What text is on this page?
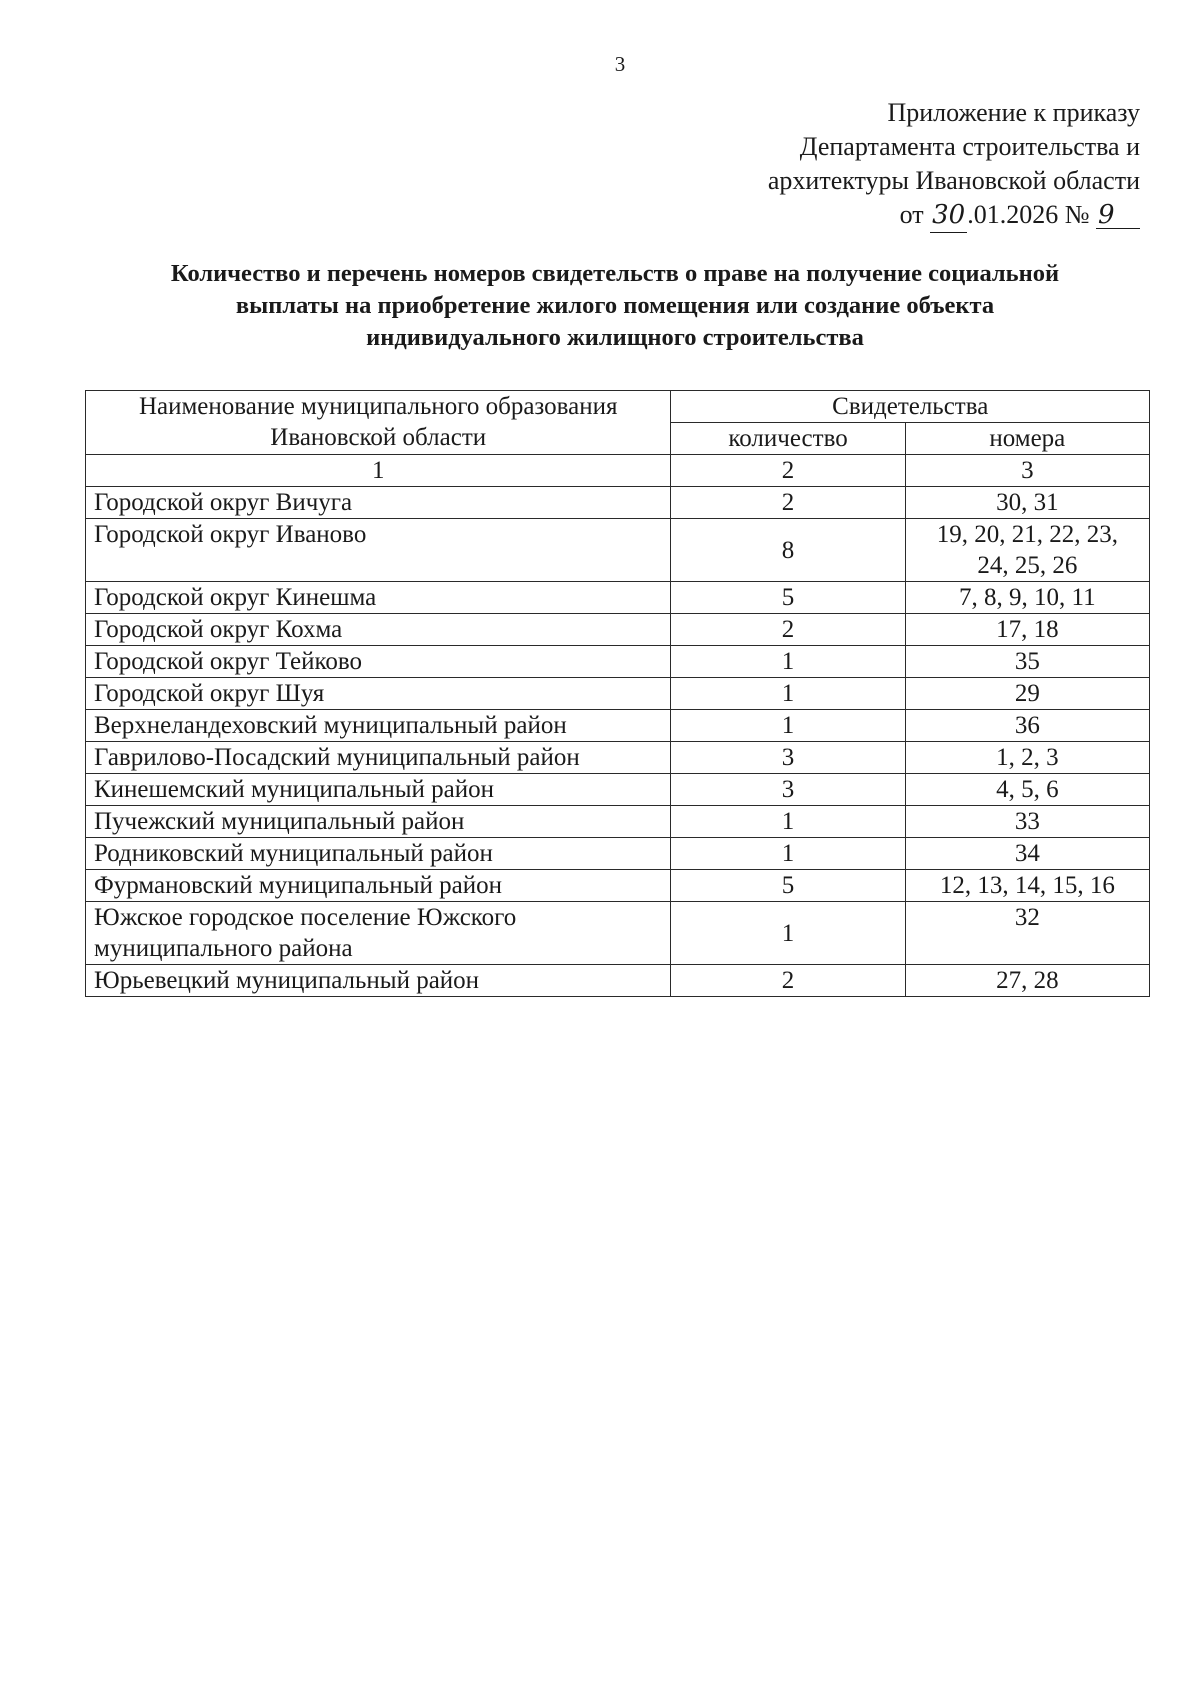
3
Приложение к приказу
Департамента строительства и
архитектуры Ивановской области
от 30.01.2026 № 9
Количество и перечень номеров свидетельств о праве на получение социальной
выплаты на приобретение жилого помещения или создание объекта
индивидуального жилищного строительства
Наименование муниципального образования
Ивановской области	Свидетельства	
	количество	номера
1	2	3
Городской округ Вичуга	2	30, 31
Городской округ Иваново	8	19, 20, 21, 22, 23,
24, 25, 26

Городской округ Кинешма	5	7, 8, 9, 10, 11
Городской округ Кохма	2	17, 18
Городской округ Тейково	1	35
Городской округ Шуя	1	29
Верхнеландеховский муниципальный район	1	36
Гаврилово-Посадский муниципальный район	3	1, 2, 3
Кинешемский муниципальный район	3	4, 5, 6
Пучежский муниципальный район	1	33
Родниковский муниципальный район	1	34
Фурмановский муниципальный район	5	12, 13, 14, 15, 16

Южское городское поселение Южского
муниципального района	1	32
Юрьевецкий муниципальный район	2	27, 28
